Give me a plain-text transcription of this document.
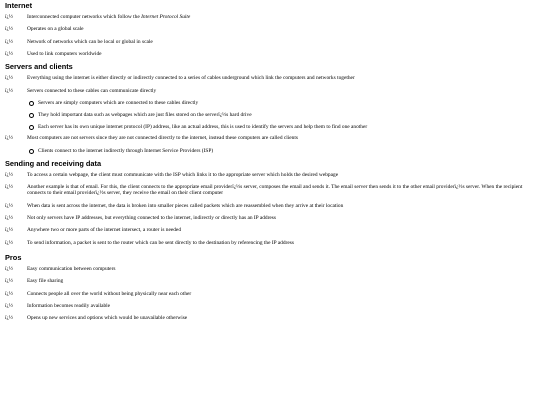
Internet
ï¿½	Interconnected computer networks which follow the Internet Protocol Suite
ï¿½	Operates on a global scale
ï¿½	Network of networks which can be local or global in scale
ï¿½	Used to link computers worldwide
Servers and clients
ï¿½	Everything using the internet is either directly or indirectly connected to a series of cables underground which link the computers and networks together
ï¿½	Servers connected to these cables can communicate directly
Servers are simply computers which are connected to these cables directly
They hold important data such as webpages which are just files stored on the serverï¿½s hard drive
Each server has its own unique internet protocol (IP) address, like an actual address, this is used to identify the servers and help them to find one another
ï¿½	Most computers are not servers since they are not connected directly to the internet, instead these computers are called clients
Clients connect to the internet indirectly through Internet Service Providers (ISP)
Sending and receiving data
ï¿½	To access a certain webpage, the client must communicate with the ISP which links it to the appropriate server which holds the desired webpage
ï¿½	Another example is that of email. For this, the client connects to the appropriate email providerï¿½s server, composes the email and sends it. The email server then sends it to the other email providerï¿½s server. When the recipient connects to their email providerï¿½s server, they receive the email on their client computer
ï¿½	When data is sent across the internet, the data is broken into smaller pieces called packets which are reassembled when they arrive at their location
ï¿½	Not only servers have IP addresses, but everything connected to the internet, indirectly or directly has an IP address
ï¿½	Anywhere two or more parts of the internet intersect, a router is needed
ï¿½	To send information, a packet is sent to the router which can be sent directly to the destination by referencing the IP address
Pros
ï¿½	Easy communication between computers
ï¿½	Easy file sharing
ï¿½	Connects people all over the world without being physically near each other
ï¿½	Information becomes readily available
ï¿½	Opens up new services and options which would be unavailable otherwise
